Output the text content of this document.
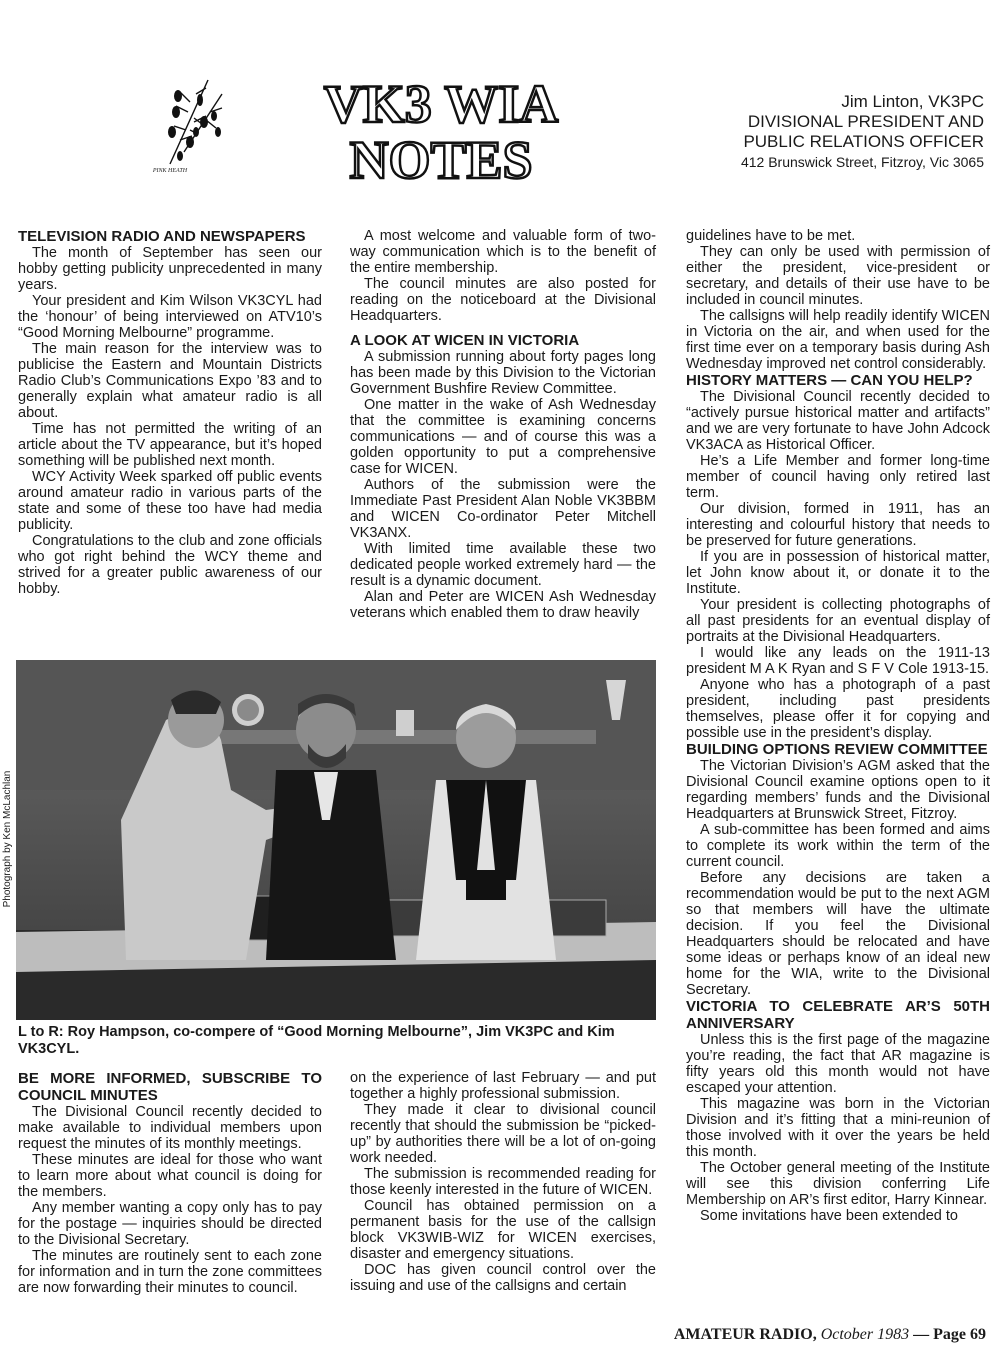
PINK HEATH
VK3 WIA
NOTES
Jim Linton, VK3PC
DIVISIONAL PRESIDENT AND
PUBLIC RELATIONS OFFICER
412 Brunswick Street, Fitzroy, Vic 3065
TELEVISION RADIO AND NEWSPAPERS

The month of September has seen our hobby getting publicity unprecedented in many years.

Your president and Kim Wilson VK3CYL had the ‘honour’ of being interviewed on ATV10’s “Good Morning Melbourne” programme.

The main reason for the interview was to publicise the Eastern and Mountain Districts Radio Club’s Communications Expo ’83 and to generally explain what amateur radio is all about.

Time has not permitted the writing of an article about the TV appearance, but it’s hoped something will be published next month.

WCY Activity Week sparked off public events around amateur radio in various parts of the state and some of these too have had media publicity.

Congratulations to the club and zone officials who got right behind the WCY theme and strived for a greater public awareness of our hobby.

A most welcome and valuable form of two-way communication which is to the benefit of the entire membership.

The council minutes are also posted for reading on the noticeboard at the Divisional Headquarters.

A LOOK AT WICEN IN VICTORIA

A submission running about forty pages long has been made by this Division to the Victorian Government Bushfire Review Committee.

One matter in the wake of Ash Wednesday that the committee is examining concerns communications — and of course this was a golden opportunity to put a comprehensive case for WICEN.

Authors of the submission were the Immediate Past President Alan Noble VK3BBM and WICEN Co-ordinator Peter Mitchell VK3ANX.

With limited time available these two dedicated people worked extremely hard — the result is a dynamic document.

Alan and Peter are WICEN Ash Wednesday veterans which enabled them to draw heavily

guidelines have to be met.

They can only be used with permission of either the president, vice-president or secretary, and details of their use have to be included in council minutes.

The callsigns will help readily identify WICEN in Victoria on the air, and when used for the first time ever on a temporary basis during Ash Wednesday improved net control considerably.

HISTORY MATTERS — CAN YOU HELP?

The Divisional Council recently decided to “actively pursue historical matter and artifacts” and we are very fortunate to have John Adcock VK3ACA as Historical Officer.

He’s a Life Member and former long-time member of council having only retired last term.

Our division, formed in 1911, has an interesting and colourful history that needs to be preserved for future generations.

If you are in possession of historical matter, let John know about it, or donate it to the Institute.

Your president is collecting photographs of all past presidents for an eventual display of portraits at the Divisional Headquarters.

I would like any leads on the 1911-13 president M A K Ryan and S F V Cole 1913-15.

Anyone who has a photograph of a past president, including past presidents themselves, please offer it for copying and possible use in the president’s display.

BUILDING OPTIONS REVIEW COMMITTEE

The Victorian Division’s AGM asked that the Divisional Council examine options open to it regarding members’ funds and the Divisional Headquarters at Brunswick Street, Fitzroy.

A sub-committee has been formed and aims to complete its work within the term of the current council.

Before any decisions are taken a recommendation would be put to the next AGM so that members will have the ultimate decision. If you feel the Divisional Headquarters should be relocated and have some ideas or perhaps know of an ideal new home for the WIA, write to the Divisional Secretary.

VICTORIA TO CELEBRATE AR’S 50TH ANNIVERSARY

Unless this is the first page of the magazine you’re reading, the fact that AR magazine is fifty years old this month would not have escaped your attention.

This magazine was born in the Victorian Division and it’s fitting that a mini-reunion of those involved with it over the years be held this month.

The October general meeting of the Institute will see this division conferring Life Membership on AR’s first editor, Harry Kinnear.

Some invitations have been extended to

Photograph by Ken McLachlan
L to R: Roy Hampson, co-compere of “Good Morning Melbourne”, Jim VK3PC and Kim VK3CYL.
BE MORE INFORMED, SUBSCRIBE TO COUNCIL MINUTES

The Divisional Council recently decided to make available to individual members upon request the minutes of its monthly meetings.

These minutes are ideal for those who want to learn more about what council is doing for the members.

Any member wanting a copy only has to pay for the postage — inquiries should be directed to the Divisional Secretary.

The minutes are routinely sent to each zone for information and in turn the zone committees are now forwarding their minutes to council.

on the experience of last February — and put together a highly professional submission.

They made it clear to divisional council recently that should the submission be “picked-up” by authorities there will be a lot of on-going work needed.

The submission is recommended reading for those keenly interested in the future of WICEN.

Council has obtained permission on a permanent basis for the use of the callsign block VK3WIB-WIZ for WICEN exercises, disaster and emergency situations.

DOC has given council control over the issuing and use of the callsigns and certain

AMATEUR RADIO, October 1983 — Page 69
